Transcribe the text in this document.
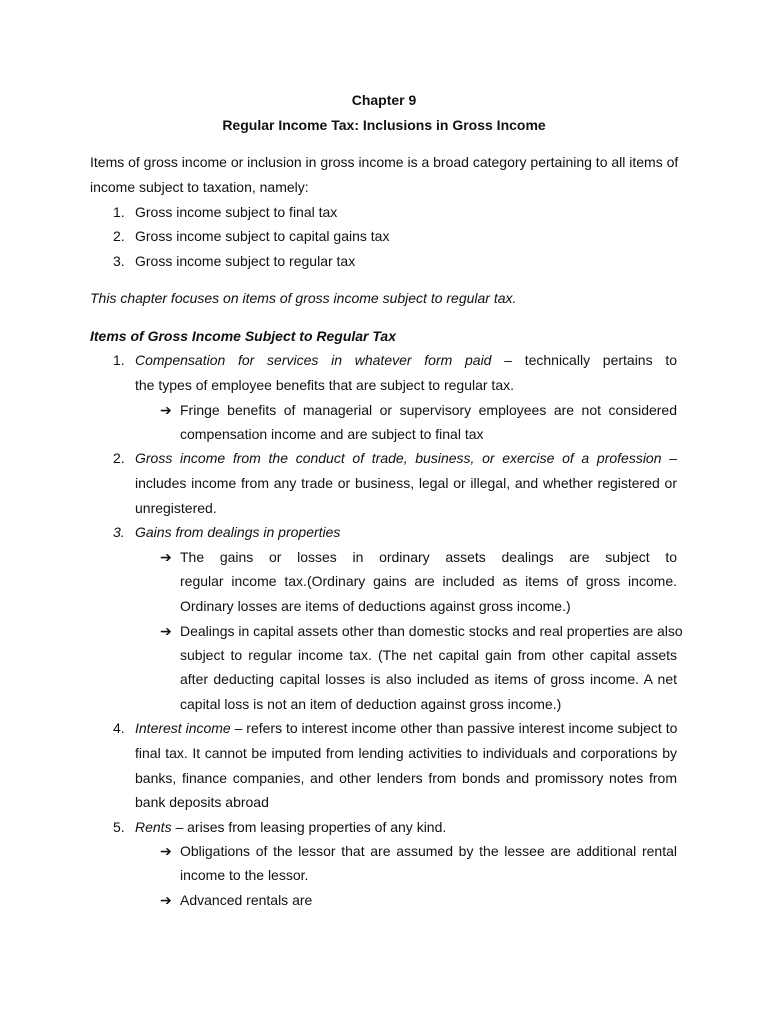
Chapter 9
Regular Income Tax: Inclusions in Gross Income
Items of gross income or inclusion in gross income is a broad category pertaining to all items of
income subject to taxation, namely:
1. Gross income subject to final tax
2. Gross income subject to capital gains tax
3. Gross income subject to regular tax
This chapter focuses on items of gross income subject to regular tax.
Items of Gross Income Subject to Regular Tax
1. Compensation for services in whatever form paid – technically pertains to
the types of employee benefits that are subject to regular tax.
➔ Fringe benefits of managerial or supervisory employees are not considered
compensation income and are subject to final tax
2. Gross income from the conduct of trade, business, or exercise of a profession –
includes income from any trade or business, legal or illegal, and whether registered or
unregistered.
3. Gains from dealings in properties
➔ The gains or losses in ordinary assets dealings are subject to
regular income tax.(Ordinary gains are included as items of gross income.
Ordinary losses are items of deductions against gross income.)
➔ Dealings in capital assets other than domestic stocks and real properties are also
subject to regular income tax. (The net capital gain from other capital assets
after deducting capital losses is also included as items of gross income. A net
capital loss is not an item of deduction against gross income.)
4. Interest income – refers to interest income other than passive interest income subject to
final tax. It cannot be imputed from lending activities to individuals and corporations by
banks, finance companies, and other lenders from bonds and promissory notes from
bank deposits abroad
5. Rents – arises from leasing properties of any kind.
➔ Obligations of the lessor that are assumed by the lessee are additional rental
income to the lessor.
➔ Advanced rentals are
